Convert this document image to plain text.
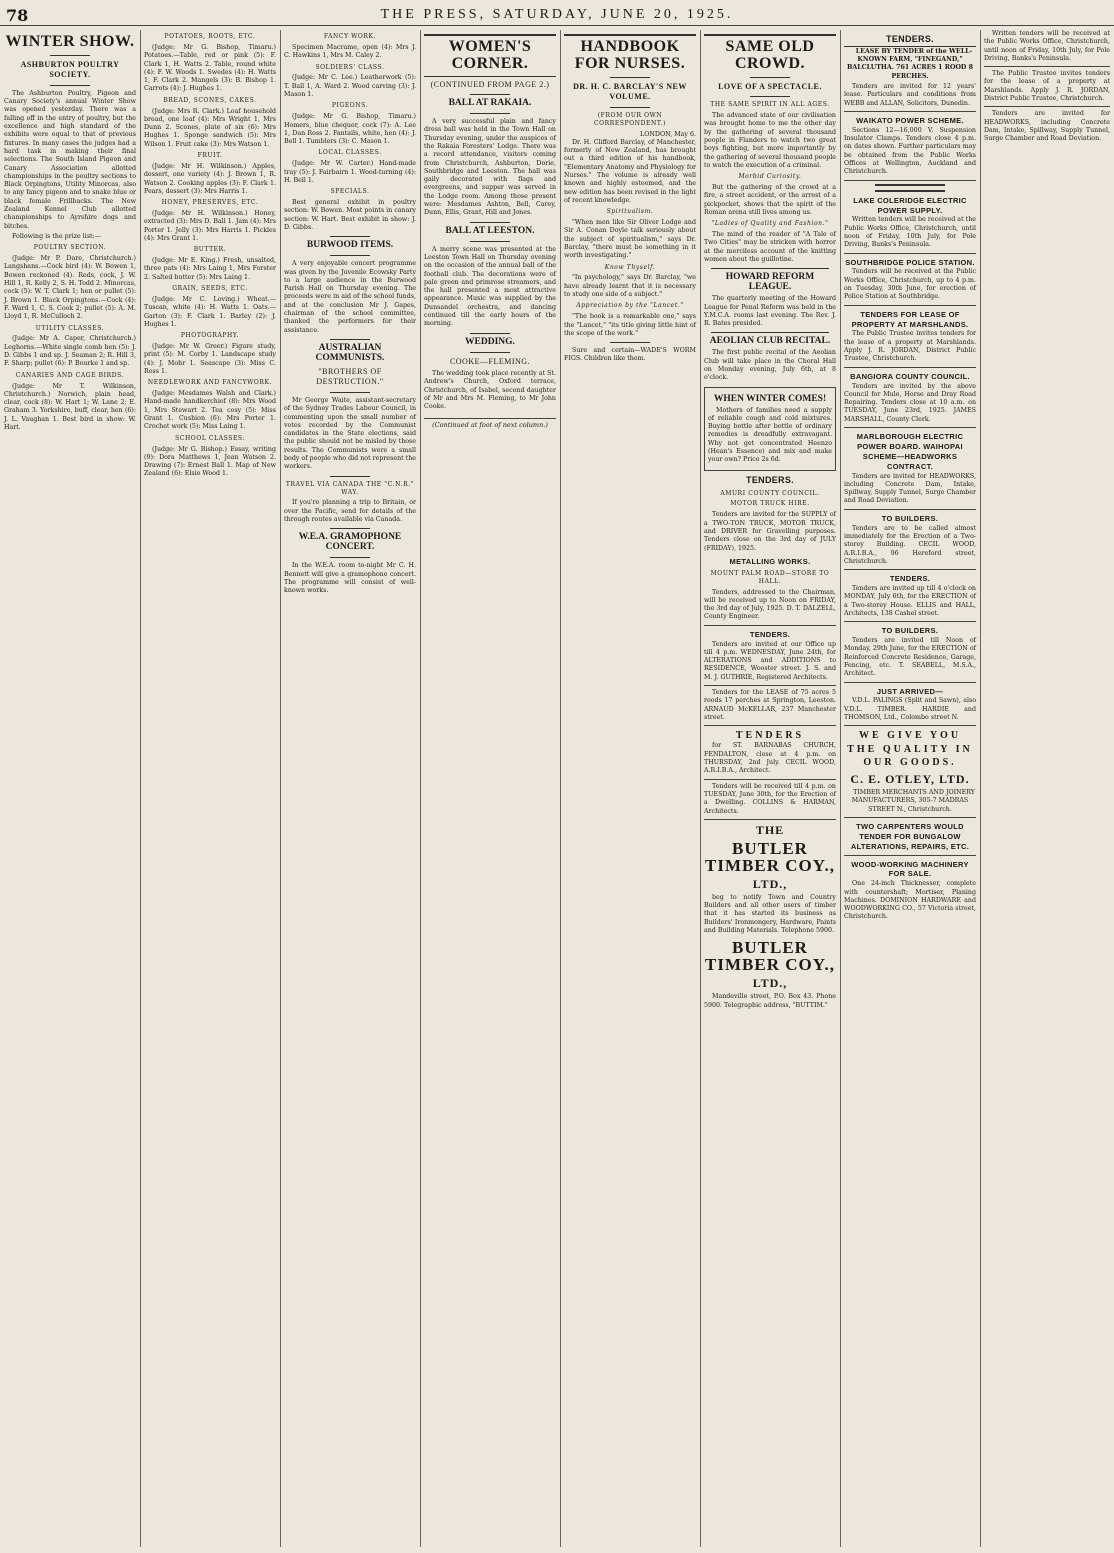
78	THE PRESS, SATURDAY, JUNE 20, 1925.
WINTER SHOW.
ASHBURTON POULTRY SOCIETY.
The Ashburton Poultry, Pigeon and Canary Society's annual Winter Show was opened yesterday. There was a falling off in the entry of poultry, but the excellence and high standard of the exhibits were equal to that of previous fixtures. In many cases the judges had a hard task in making their final selections. The South Island Pigeon and Canary Association allotted championships in the poultry sections to Black Orpingtons, Utility Minorcas, also to any fancy pigeon and to snake blue or black female Frillbacks. The New Zealand Kennel Club allotted championships to Ayrshire dogs and bitches.
Following is the prize list:—
POULTRY SECTION.
(Judge: Mr P. Dare, Christchurch.) Langshans.—Cock bird (4): W. Bowen 1, Bowen reckoned (4). Reds, cock, J. W. Hill 1, R. Kelly 2, S. H. Todd 2. Minorcas, cock (5): W. T. Clark 1; hen or pullet (5): J. Brown 1. Black Orpingtons.—Cock (4): F. Ward 1, C. S. Cook 2; pullet (5): A. M. Lloyd 1, R. McCulloch 2.
UTILITY CLASSES.
(Judge: Mr A. Caper, Christchurch.) Leghorns.—White single comb hen (5): J. D. Gibbs 1 and sp. J. Seaman 2; R. Hill 3, F. Sharp; pullet (6): P. Bourke 1 and sp.
CANARIES AND CAGE BIRDS.
(Judge: Mr T. Wilkinson, Christchurch.) Norwich, plain head, clear, cock (8): W. Hart 1; W. Lane 2; E. Graham 3. Yorkshire, buff, clear, hen (6): J. L. Vaughan 1. Best bird in show: W. Hart.
POTATOES, ROOTS, ETC.
(Judge: Mr G. Bishop, Timaru.) Potatoes.—Table, red or pink (5): F. Clark 1, H. Watts 2. Table, round white (4): F. W. Woods 1. Swedes (4): H. Watts 1, F. Clark 2. Mangels (3): B. Bishop 1. Carrots (4): J. Hughes 1.
BREAD, SCONES, CAKES.
(Judge: Mrs R. Clark.) Loaf household bread, one loaf (4): Mrs Wright 1, Mrs Dunn 2. Scones, plate of six (6): Mrs Hughes 1. Sponge sandwich (5): Mrs Wilson 1. Fruit cake (3): Mrs Watson 1.
FRUIT.
(Judge: Mr H. Wilkinson.) Apples, dessert, one variety (4): J. Brown 1, R. Watson 2. Cooking apples (3): F. Clark 1. Pears, dessert (3): Mrs Harris 1.
HONEY, PRESERVES, ETC.
(Judge: Mr H. Wilkinson.) Honey, extracted (3): Mrs D. Ball 1. Jam (4): Mrs Porter 1. Jelly (3): Mrs Harris 1. Pickles (4): Mrs Grant 1.
BUTTER.
(Judge: Mr E. King.) Fresh, unsalted, three pats (4): Mrs Laing 1, Mrs Forster 2. Salted butter (5): Mrs Laing 1.
GRAIN, SEEDS, ETC.
(Judge: Mr C. Loving.) Wheat.—Tuscan, white (4): H. Watts 1. Oats.—Garton (3): F. Clark 1. Barley (2): J. Hughes 1.
PHOTOGRAPHY.
(Judge: Mr W. Greer.) Figure study, print (5): M. Corby 1. Landscape study (4): J. Mohr 1. Seascape (3): Miss C. Ross 1.
NEEDLEWORK AND FANCYWORK.
(Judge: Mesdames Walsh and Clark.) Hand-made handkerchief (8): Mrs Wood 1, Mrs Stewart 2. Tea cosy (5): Miss Grant 1. Cushion (6): Mrs Porter 1. Crochet work (5): Miss Laing 1.
SCHOOL CLASSES.
(Judge: Mr G. Bishop.) Essay, writing (9): Dora Matthews 1, Jean Watson 2. Drawing (7): Ernest Ball 1. Map of New Zealand (6): Elsie Wood 1.
FANCY WORK.
Specimen Macrame, open (4): Mrs J. C. Hawkins 1, Mrs M. Caley 2.
SOLDIERS' CLASS.
(Judge: Mr C. Lee.) Leatherwork (5): T. Ball 1, A. Ward 2. Wood carving (3): J. Mason 1.
PIGEONS.
(Judge: Mr G. Bishop, Timaru.) Homers, blue chequer, cock (7): A. Lee 1, Dan Ross 2. Fantails, white, hen (4): J. Bell 1. Tumblers (3): C. Mason 1.
LOCAL CLASSES.
(Judge: Mr W. Carter.) Hand-made tray (5): J. Fairbairn 1. Wood-turning (4): H. Bell 1.
SPECIALS.
Best general exhibit in poultry section: W. Bowen. Most points in canary section: W. Hart. Best exhibit in show: J. D. Gibbs.
BURWOOD ITEMS.
A very enjoyable concert programme was given by the Juvenile Ecowsky Party to a large audience in the Burwood Parish Hall on Thursday evening. The proceeds were in aid of the school funds, and at the conclusion Mr J. Gapes, chairman of the school committee, thanked the performers for their assistance.
AUSTRALIAN COMMUNISTS.
"BROTHERS OF DESTRUCTION."
Mr George Waite, assistant-secretary of the Sydney Trades Labour Council, in commenting upon the small number of votes recorded by the Communist candidates in the State elections, said the public should not be misled by those results. The Communists were a small body of people who did not represent the workers.
TRAVEL VIA CANADA THE "C.N.R." WAY.
If you're planning a trip to Britain, or over the Pacific, send for details of the through routes available via Canada.
W.E.A. GRAMOPHONE CONCERT.
In the W.E.A. room to-night Mr C. H. Bennett will give a gramophone concert. The programme will consist of well-known works.
WOMEN'S CORNER.
(CONTINUED FROM PAGE 2.)
BALL AT RAKAIA.
A very successful plain and fancy dress ball was held in the Town Hall on Thursday evening, under the auspices of the Rakaia Foresters' Lodge. There was a record attendance, visitors coming from Christchurch, Ashburton, Dorie, Southbridge and Leeston. The hall was gaily decorated with flags and evergreens, and supper was served in the Lodge room. Among those present were: Mesdames Ashton, Bell, Carey, Dunn, Ellis, Grant, Hill and Jones.
BALL AT LEESTON.
A merry scene was presented at the Leeston Town Hall on Thursday evening on the occasion of the annual ball of the football club. The decorations were of pale green and primrose streamers, and the hall presented a most attractive appearance. Music was supplied by the Dunsandel orchestra, and dancing continued till the early hours of the morning.
WEDDING.
COOKE—FLEMING.
The wedding took place recently at St. Andrew's Church, Oxford terrace, Christchurch, of Isabel, second daughter of Mr and Mrs M. Fleming, to Mr John Cooke.
(Continued at foot of next column.)
HANDBOOK FOR NURSES.
DR. H. C. BARCLAY'S NEW VOLUME.
(FROM OUR OWN CORRESPONDENT.)
LONDON, May 6.
Dr. H. Clifford Barclay, of Manchester, formerly of New Zealand, has brought out a third edition of his handbook, "Elementary Anatomy and Physiology for Nurses." The volume is already well known and highly esteemed, and the new edition has been revised in the light of recent knowledge.
Spiritualism.
"When men like Sir Oliver Lodge and Sir A. Conan Doyle talk seriously about the subject of spiritualism," says Dr. Barclay, "there must be something in it worth investigating."
Know Thyself.
"In psychology," says Dr. Barclay, "we have already learnt that it is necessary to study one side of a subject."
Appreciation by the "Lancet."
"The book is a remarkable one," says the "Lancet," "its title giving little hint of the scope of the work."
Sure and certain—WADE'S WORM FIGS. Children like them.
SAME OLD CROWD.
LOVE OF A SPECTACLE.
THE SAME SPIRIT IN ALL AGES.
The advanced state of our civilisation was brought home to me the other day by the gathering of several thousand people in Flanders to watch two great boys fighting, but more importantly by the gathering of several thousand people to watch the execution of a criminal.
Morbid Curiosity.
But the gathering of the crowd at a fire, a street accident, or the arrest of a pickpocket, shows that the spirit of the Roman arena still lives among us.
"Ladies of Quality and Fashion."
The mind of the reader of "A Tale of Two Cities" may be stricken with horror at the merciless account of the knitting women about the guillotine.
HOWARD REFORM LEAGUE.
The quarterly meeting of the Howard League for Penal Reform was held in the Y.M.C.A. rooms last evening. The Rev. J. R. Bates presided.
AEOLIAN CLUB RECITAL.
The first public recital of the Aeolian Club will take place in the Choral Hall on Monday evening, July 6th, at 8 o'clock.
WHEN WINTER COMES!
Mothers of families need a supply of reliable cough and cold mixtures. Buying bottle after bottle of ordinary remedies is dreadfully extravagant. Why not get concentrated Heenzo (Hean's Essence) and mix and make your own? Price 2s 6d.
TENDERS.
AMURI COUNTY COUNCIL.
MOTOR TRUCK HIRE.
Tenders are invited for the SUPPLY of a TWO-TON TRUCK, MOTOR TRUCK, and DRIVER for Gravelling purposes. Tenders close on the 3rd day of JULY (FRIDAY), 1925.
METALLING WORKS.
MOUNT PALM ROAD—STORE TO HALL.
Tenders, addressed to the Chairman, will be received up to Noon on FRIDAY, the 3rd day of July, 1925. D. T. DALZELL, County Engineer.
TENDERS.
Tenders are invited at our Office up till 4 p.m. WEDNESDAY, June 24th, for ALTERATIONS and ADDITIONS to RESIDENCE, Wooster street. J. S. and M. J. GUTHRIE, Registered Architects.
Tenders for the LEASE of 75 acres 5 roods 17 perches at Springton, Leeston. ARNAUD McKELLAR, 237 Manchester street.
TENDERS
for ST. BARNABAS CHURCH, FENDALTON, close at 4 p.m. on THURSDAY, 2nd July. CECIL WOOD, A.R.I.B.A., Architect.
Tenders will be received till 4 p.m. on TUESDAY, June 30th, for the Erection of a Dwelling. COLLINS & HARMAN, Architects.
THE
BUTLER TIMBER COY.,
LTD.,
beg to notify Town and Country Builders and all other users of timber that it has started its business as Builders' Ironmongery, Hardware, Paints and Building Materials. Telephone 5900.
BUTLER TIMBER COY.,
LTD.,
Mandeville street, P.O. Box 43. Phone 5900. Telegraphic address, "BUTTIM."
TENDERS.
LEASE BY TENDER of the WELL-KNOWN FARM, "FINEGAND," BALCLUTHA. 761 ACRES 1 ROOD 8 PERCHES.
Tenders are invited for 12 years' lease. Particulars and conditions from WEBB and ALLAN, Solicitors, Dunedin.
WAIKATO POWER SCHEME.
Sections 12—16,000 V. Suspension Insulator Clamps. Tenders close 4 p.m. on dates shown. Further particulars may be obtained from the Public Works Offices at Wellington, Auckland and Christchurch.
LAKE COLERIDGE ELECTRIC POWER SUPPLY.
Written tenders will be received at the Public Works Office, Christchurch, until noon of Friday, 10th July, for Pole Driving, Banks's Peninsula.
SOUTHBRIDGE POLICE STATION.
Tenders will be received at the Public Works Office, Christchurch, up to 4 p.m. on Tuesday, 30th June, for erection of Police Station at Southbridge.
TENDERS FOR LEASE OF PROPERTY AT MARSHLANDS.
The Public Trustee invites tenders for the lease of a property at Marshlands. Apply J. R. JORDAN, District Public Trustee, Christchurch.
BANGIORA COUNTY COUNCIL.
Tenders are invited by the above Council for Mule, Horse and Dray Road Repairing. Tenders close at 10 a.m. on TUESDAY, June 23rd, 1925. JAMES MARSHALL, County Clerk.
MARLBOROUGH ELECTRIC POWER BOARD. WAIHOPAI SCHEME—HEADWORKS CONTRACT.
Tenders are invited for HEADWORKS, including Concrete Dam, Intake, Spillway, Supply Tunnel, Surge Chamber and Road Deviation.
TO BUILDERS.
Tenders are to be called almost immediately for the Erection of a Two-storey Building. CECIL WOOD, A.R.I.B.A., 96 Hereford street, Christchurch.
TENDERS.
Tenders are invited up till 4 o'clock on MONDAY, July 6th, for the ERECTION of a Two-storey House. ELLIS and HALL, Architects, 138 Cashel street.
TO BUILDERS.
Tenders are invited till Noon of Monday, 29th June, for the ERECTION of Reinforced Concrete Residence, Garage, Fencing, etc. T. SEABELL, M.S.A., Architect.
JUST ARRIVED—
V.D.L. PALINGS (Split and Sawn), also V.D.L. TIMBER. HARDIE and THOMSON, Ltd., Colombo street N.
WE GIVE YOU THE QUALITY IN OUR GOODS.
C. E. OTLEY, LTD.
TIMBER MERCHANTS AND JOINERY MANUFACTURERS, 305-7 MADRAS STREET N., Christchurch.
TWO CARPENTERS WOULD TENDER FOR BUNGALOW ALTERATIONS, REPAIRS, ETC.
WOOD-WORKING MACHINERY FOR SALE.
One 24-inch Thicknesser, complete with countershaft; Mortiser, Planing Machines. DOMINION HARDWARE and WOODWORKING CO., 57 Victoria street, Christchurch.
Written tenders will be received at the Public Works Office, Christchurch, until noon of Friday, 10th July, for Pole Driving, Banks's Peninsula.
The Public Trustee invites tenders for the lease of a property at Marshlands. Apply J. R. JORDAN, District Public Trustee, Christchurch.
Tenders are invited for HEADWORKS, including Concrete Dam, Intake, Spillway, Supply Tunnel, Surge Chamber and Road Deviation.
